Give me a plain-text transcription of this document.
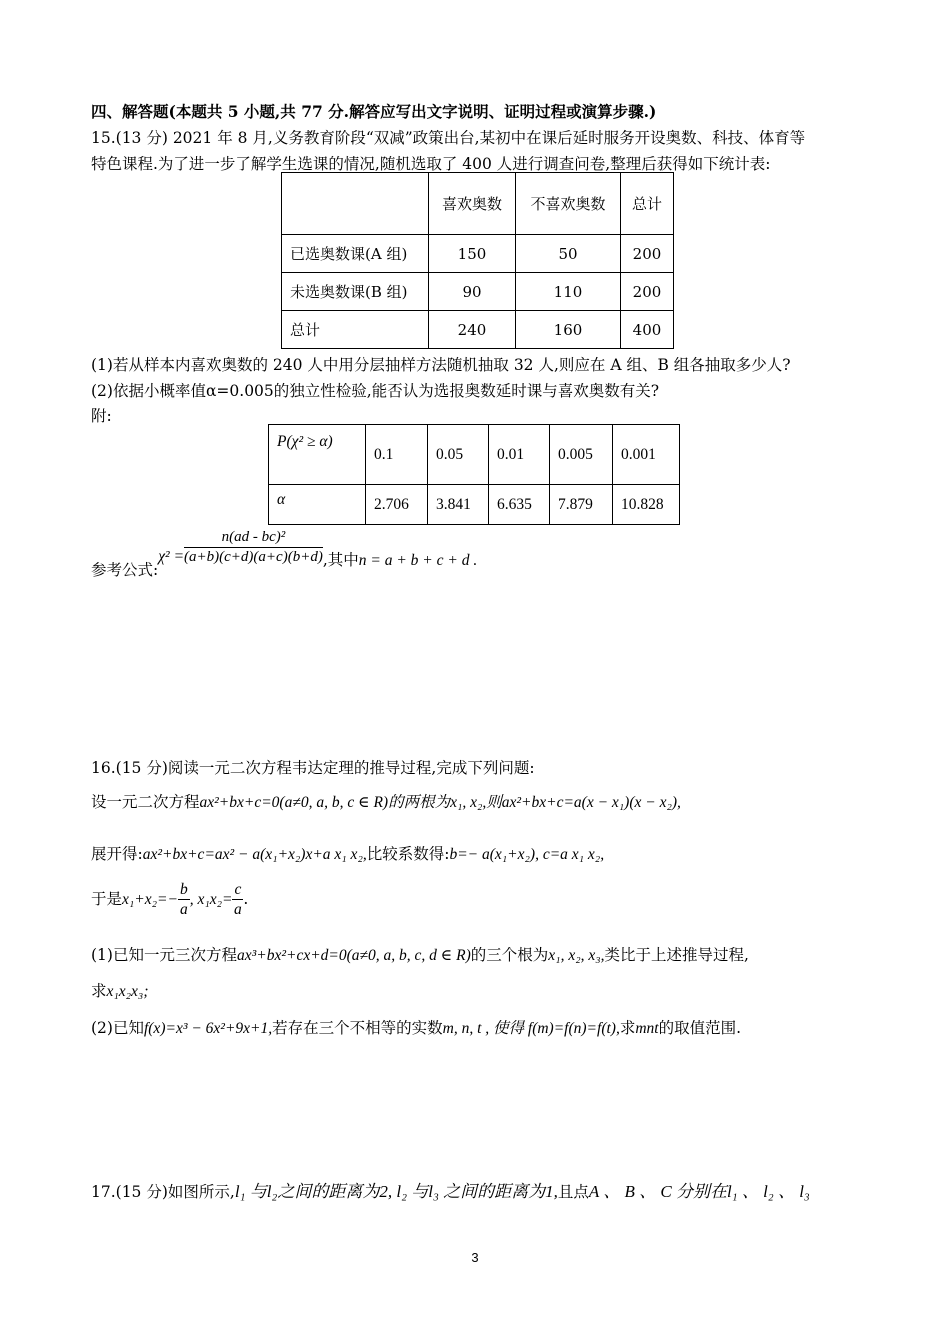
四、解答题(本题共 5 小题,共 77 分.解答应写出文字说明、证明过程或演算步骤.)
15.(13 分) 2021 年 8 月,义务教育阶段“双减”政策出台,某初中在课后延时服务开设奥数、科技、体育等
特色课程.为了进一步了解学生选课的情况,随机选取了 400 人进行调查问卷,整理后获得如下统计表:
	喜欢奥数	不喜欢奥数	总计
已选奥数课(A 组)	150	50	200
未选奥数课(B 组)	90	110	200
总计	240	160	400
(1)若从样本内喜欢奥数的 240 人中用分层抽样方法随机抽取 32 人,则应在 A 组、B 组各抽取多少人?
(2)依据小概率值α=0.005的独立性检验,能否认为选报奥数延时课与喜欢奥数有关?
附:
P(χ² ≥ α)	0.1	0.05	0.01	0.005	0.001
α	2.706	3.841	6.635	7.879	10.828
参考公式:χ² = $\frac{\text{n(ad - bc)²}}{(a+b)(c+d)(a+c)(b+d)}$ ,其中n = a + b + c + d .
16.(15 分)阅读一元二次方程韦达定理的推导过程,完成下列问题:
设一元二次方程ax²+bx+c=0(a≠0, a, b, c ∈ R)的两根为x₁, x₂,则ax²+bx+c=a(x − x₁)(x − x₂),
展开得:ax²+bx+c=ax² − a(x₁+x₂)x+a x₁ x₂,比较系数得:b=− a(x₁+x₂), c=a x₁ x₂,
于是$x_1+x_2=- \frac{b}{a}$ , $x_1x_2= \frac{c}{a}$ .
(1)已知一元三次方程ax³+bx²+cx+d=0(a≠0, a, b, c, d ∈ R)的三个根为x₁, x₂, x₃,类比于上述推导过程,
求x₁x₂x₃;
(2)已知f(x)=x³ − 6x²+9x+1,若存在三个不相等的实数m, n, t , 使得 f(m)=f(n)=f(t),求mnt的取值范围.
17.(15 分)如图所示,l₁ 与l₂之间的距离为2, l₂ 与l₃ 之间的距离为1,且点A 、 B 、 C 分别在l₁ 、 l₂ 、 l₃
3
